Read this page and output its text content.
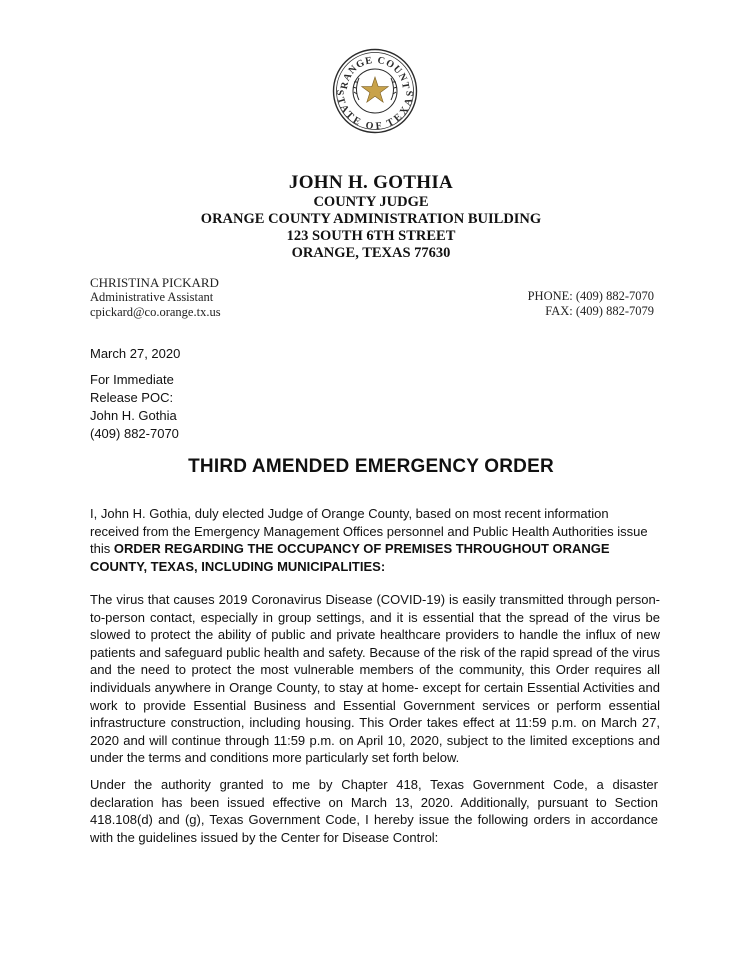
RANGE COUNT
STATE OF TEXAS
JOHN H. GOTHIA
COUNTY JUDGE
ORANGE COUNTY ADMINISTRATION BUILDING
123 SOUTH 6TH STREET
ORANGE, TEXAS 77630
CHRISTINA PICKARD
Administrative Assistant
cpickard@co.orange.tx.us
PHONE: (409) 882-7070
FAX: (409) 882-7079
March 27, 2020
For Immediate
Release POC:
John H. Gothia
(409) 882-7070
THIRD AMENDED EMERGENCY ORDER

I, John H. Gothia, duly elected Judge of Orange County, based on most recent information received from the Emergency Management Offices personnel and Public Health Authorities issue this ORDER REGARDING THE OCCUPANCY OF PREMISES THROUGHOUT ORANGE COUNTY, TEXAS, INCLUDING MUNICIPALITIES:

The virus that causes 2019 Coronavirus Disease (COVID-19) is easily transmitted through person-to-person contact, especially in group settings, and it is essential that the spread of the virus be slowed to protect the ability of public and private healthcare providers to handle the influx of new patients and safeguard public health and safety. Because of the risk of the rapid spread of the virus and the need to protect the most vulnerable members of the community, this Order requires all individuals anywhere in Orange County, to stay at home- except for certain Essential Activities and work to provide Essential Business and Essential Government services or perform essential infrastructure construction, including housing. This Order takes effect at 11:59 p.m. on March 27, 2020 and will continue through 11:59 p.m. on April 10, 2020, subject to the limited exceptions and under the terms and conditions more particularly set forth below.

Under the authority granted to me by Chapter 418, Texas Government Code, a disaster declaration has been issued effective on March 13, 2020. Additionally, pursuant to Section 418.108(d) and (g), Texas Government Code, I hereby issue the following orders in accordance with the guidelines issued by the Center for Disease Control:
